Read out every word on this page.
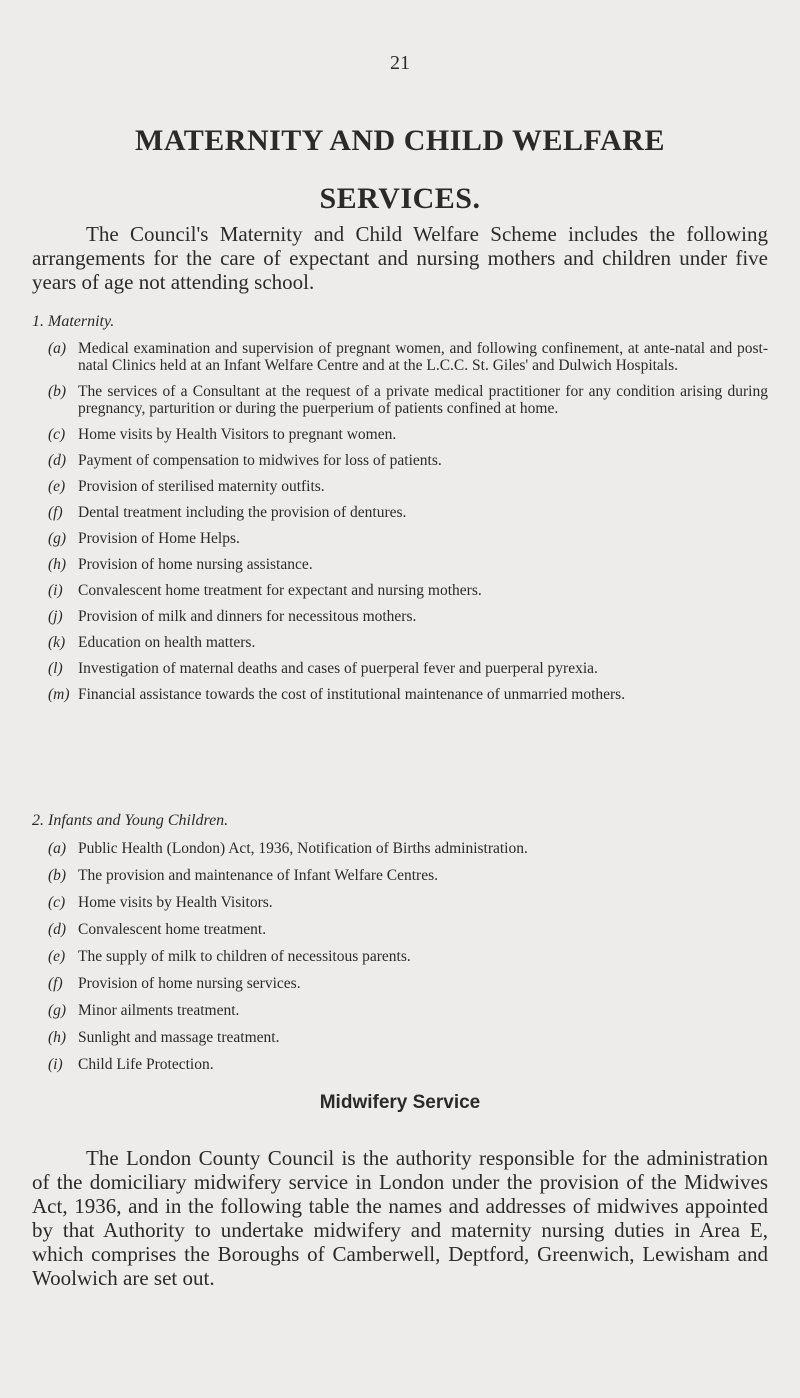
21
MATERNITY AND CHILD WELFARE
SERVICES.

The Council's Maternity and Child Welfare Scheme includes the following arrangements for the care of expectant and nursing mothers and children under five years of age not attending school.

1. Maternity.

(a) Medical examination and supervision of pregnant women, and following confinement, at ante-natal and post-natal Clinics held at an Infant Welfare Centre and at the L.C.C. St. Giles' and Dulwich Hospitals.
(b) The services of a Consultant at the request of a private medical practitioner for any condition arising during pregnancy, parturition or during the puerperium of patients confined at home.
(c) Home visits by Health Visitors to pregnant women.
(d) Payment of compensation to midwives for loss of patients.
(e) Provision of sterilised maternity outfits.
(f) Dental treatment including the provision of dentures.
(g) Provision of Home Helps.
(h) Provision of home nursing assistance.
(i) Convalescent home treatment for expectant and nursing mothers.
(j) Provision of milk and dinners for necessitous mothers.
(k) Education on health matters.
(l) Investigation of maternal deaths and cases of puerperal fever and puerperal pyrexia.
(m) Financial assistance towards the cost of institutional maintenance of unmarried mothers.

2. Infants and Young Children.

(a) Public Health (London) Act, 1936, Notification of Births administration.
(b) The provision and maintenance of Infant Welfare Centres.
(c) Home visits by Health Visitors.
(d) Convalescent home treatment.
(e) The supply of milk to children of necessitous parents.
(f) Provision of home nursing services.
(g) Minor ailments treatment.
(h) Sunlight and massage treatment.
(i) Child Life Protection.
Midwifery Service

The London County Council is the authority responsible for the administration of the domiciliary midwifery service in London under the provision of the Midwives Act, 1936, and in the following table the names and addresses of midwives appointed by that Authority to undertake midwifery and maternity nursing duties in Area E, which comprises the Boroughs of Camberwell, Deptford, Greenwich, Lewisham and Woolwich are set out.
